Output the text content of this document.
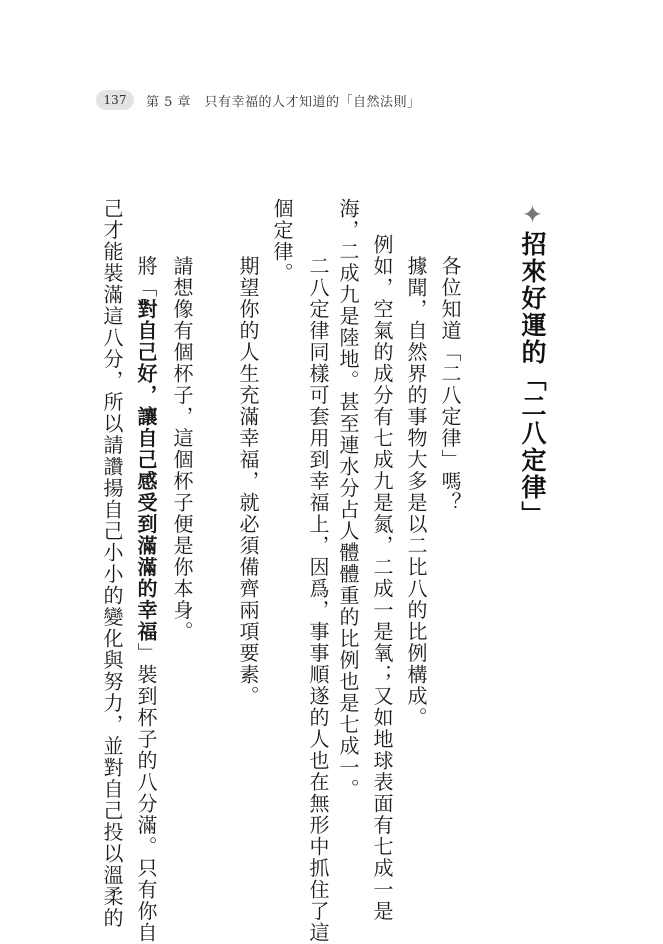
137	第 5 章　只有幸福的人才知道的「自然法則」
✦招來好運的「二八定律」
　各位知道「二八定律」嗎？
　據聞，自然界的事物大多是以二比八的比例構成。
例如，空氣的成分有七成九是氮，二成一是氧；又如地球表面有七成一是
海，二成九是陸地。甚至連水分占人體體重的比例也是七成一。
　二八定律同樣可套用到幸福上，因爲，事事順遂的人也在無形中抓住了這
個定律。
　期望你的人生充滿幸福，就必須備齊兩項要素。
　請想像有個杯子，這個杯子便是你本身。
　將「對自己好，讓自己感受到滿滿的幸福」裝到杯子的八分滿。只有你自
己才能裝滿這八分，所以請讚揚自己小小的變化與努力，並對自己投以溫柔的
